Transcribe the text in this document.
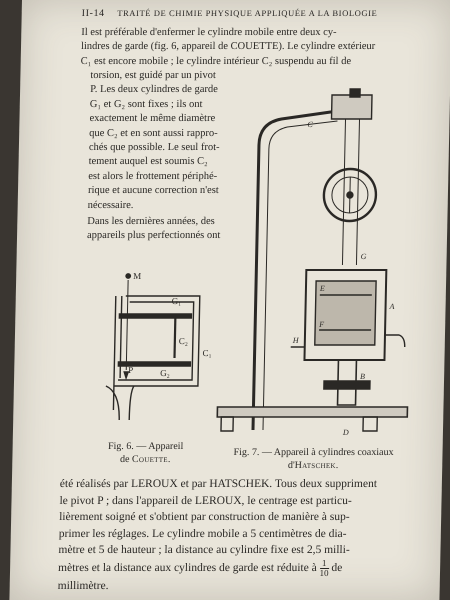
II-14 TRAITÉ DE CHIMIE PHYSIQUE APPLIQUÉE A LA BIOLOGIE
Il est préférable d'enfermer le cylindre mobile entre deux cy-
lindres de garde (fig. 6, appareil de COUETTE). Le cylindre extérieur
C₁ est encore mobile ; le cylindre intérieur C₂ suspendu au fil de
torsion, est guidé par un pivot
P. Les deux cylindres de garde
G₁ et G₂ sont fixes ; ils ont
exactement le même diamètre
que C₂ et en sont aussi rappro-
chés que possible. Le seul frot-
tement auquel est soumis C₂
est alors le frottement périphé-
rique et aucune correction n'est
nécessaire.
Dans les dernières années, des
appareils plus perfectionnés ont
M
G₁
C₂
C₁
P	G₂
Fig. 6. — Appareil
de Couette.
C
G
E
F
A
H
B
D
Fig. 7. — Appareil à cylindres coaxiaux
d'Hatschek.
été réalisés par LEROUX et par HATSCHEK. Tous deux suppriment
le pivot P ; dans l'appareil de LEROUX, le centrage est particu-
lièrement soigné et s'obtient par construction de manière à sup-
primer les réglages. Le cylindre mobile a 5 centimètres de dia-
mètre et 5 de hauteur ; la distance au cylindre fixe est 2,5 milli-
mètres et la distance aux cylindres de garde est réduite à $\frac{1}{10}$ de
millimètre.
